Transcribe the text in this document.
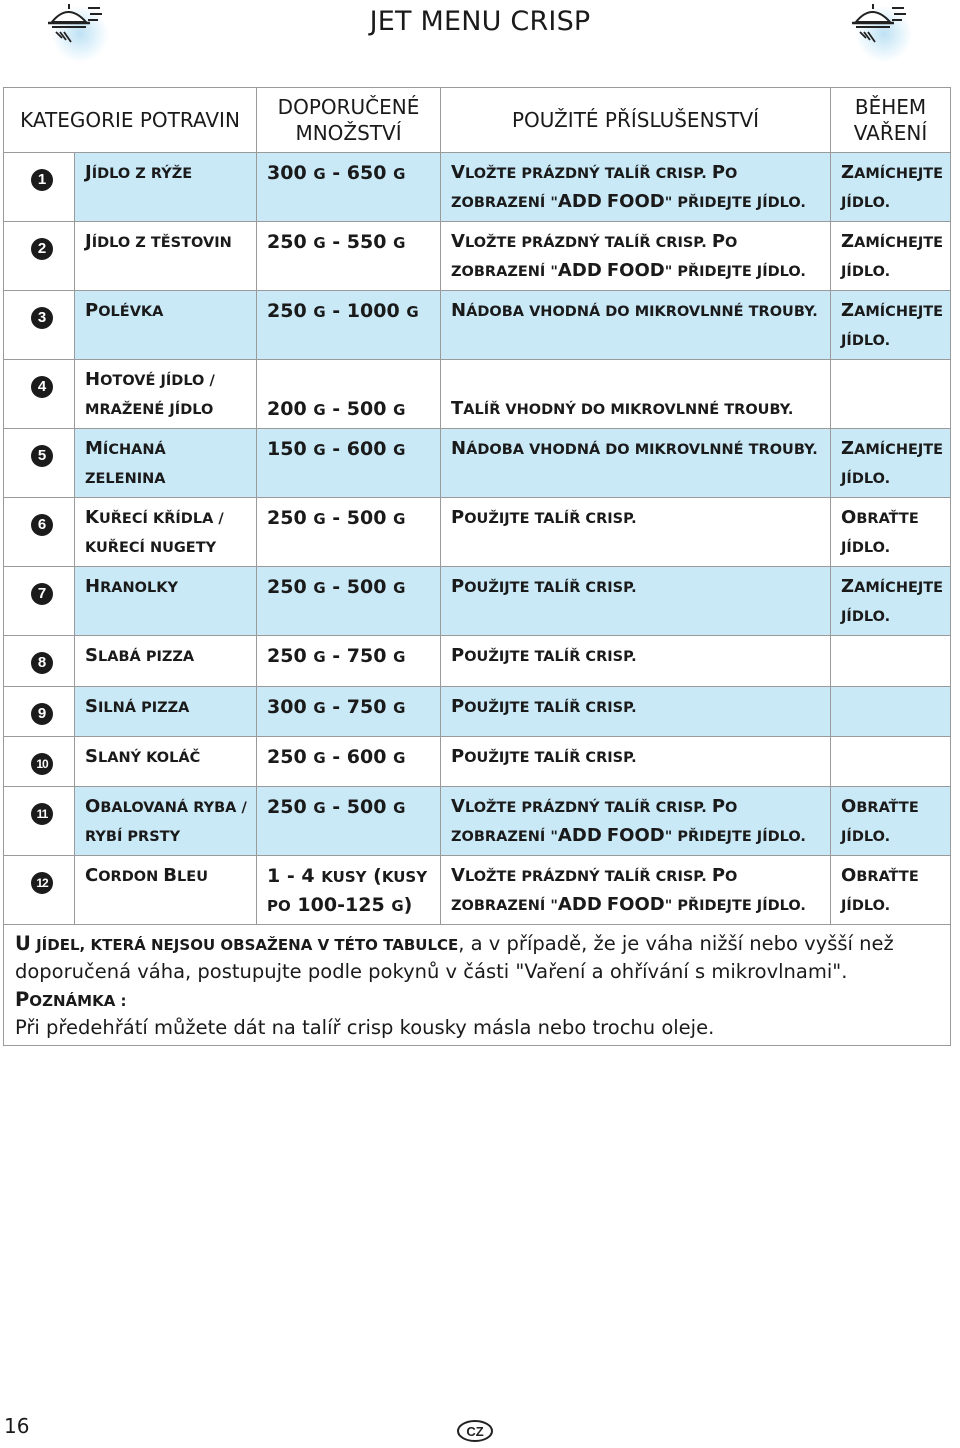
JET MENU CRISP
KATEGORIE POTRAVIN		DOPORUČENÉ MNOŽSTVÍ	POUŽITÉ PŘÍSLUŠENSTVÍ	BĚHEM VAŘENÍ
1	JÍDLO Z RÝŽE	300 G - 650 G	VLOŽTE PRÁZDNÝ TALÍŘ CRISP. PO ZOBRAZENÍ "ADD FOOD" PŘIDEJTE JÍDLO.	ZAMÍCHEJTE JÍDLO.
2	JÍDLO Z TĚSTOVIN	250 G - 550 G	VLOŽTE PRÁZDNÝ TALÍŘ CRISP. PO ZOBRAZENÍ "ADD FOOD" PŘIDEJTE JÍDLO.	ZAMÍCHEJTE JÍDLO.
3	POLÉVKA	250 G - 1000 G	NÁDOBA VHODNÁ DO MIKROVLNNÉ TROUBY.	ZAMÍCHEJTE JÍDLO.
4	HOTOVÉ JÍDLO / MRAŽENÉ JÍDLO	200 G - 500 G	TALÍŘ VHODNÝ DO MIKROVLNNÉ TROUBY.	
5	MÍCHANÁ ZELENINA	150 G - 600 G	NÁDOBA VHODNÁ DO MIKROVLNNÉ TROUBY.	ZAMÍCHEJTE JÍDLO.
6	KUŘECÍ KŘÍDLA / KUŘECÍ NUGETY	250 G - 500 G	POUŽIJTE TALÍŘ CRISP.	OBRAŤTE JÍDLO.
7	HRANOLKY	250 G - 500 G	POUŽIJTE TALÍŘ CRISP.	ZAMÍCHEJTE JÍDLO.
8	SLABÁ PIZZA	250 G - 750 G	POUŽIJTE TALÍŘ CRISP.	
9	SILNÁ PIZZA	300 G - 750 G	POUŽIJTE TALÍŘ CRISP.	
10	SLANÝ KOLÁČ	250 G - 600 G	POUŽIJTE TALÍŘ CRISP.	
11	OBALOVANÁ RYBA / RYBÍ PRSTY	250 G - 500 G	VLOŽTE PRÁZDNÝ TALÍŘ CRISP. PO ZOBRAZENÍ "ADD FOOD" PŘIDEJTE JÍDLO.	OBRAŤTE JÍDLO.
12	CORDON BLEU	1 - 4 KUSY (KUSY PO 100-125 G)	VLOŽTE PRÁZDNÝ TALÍŘ CRISP. PO ZOBRAZENÍ "ADD FOOD" PŘIDEJTE JÍDLO.	OBRAŤTE JÍDLO.
U JÍDEL, KTERÁ NEJSOU OBSAŽENA V TÉTO TABULCE, a v případě, že je váha nižší nebo vyšší než
doporučená váha, postupujte podle pokynů v části "Vaření a ohřívání s mikrovlnami".
POZNÁMKA :
Při předehřátí můžete dát na talíř crisp kousky másla nebo trochu oleje.
16	CZ
